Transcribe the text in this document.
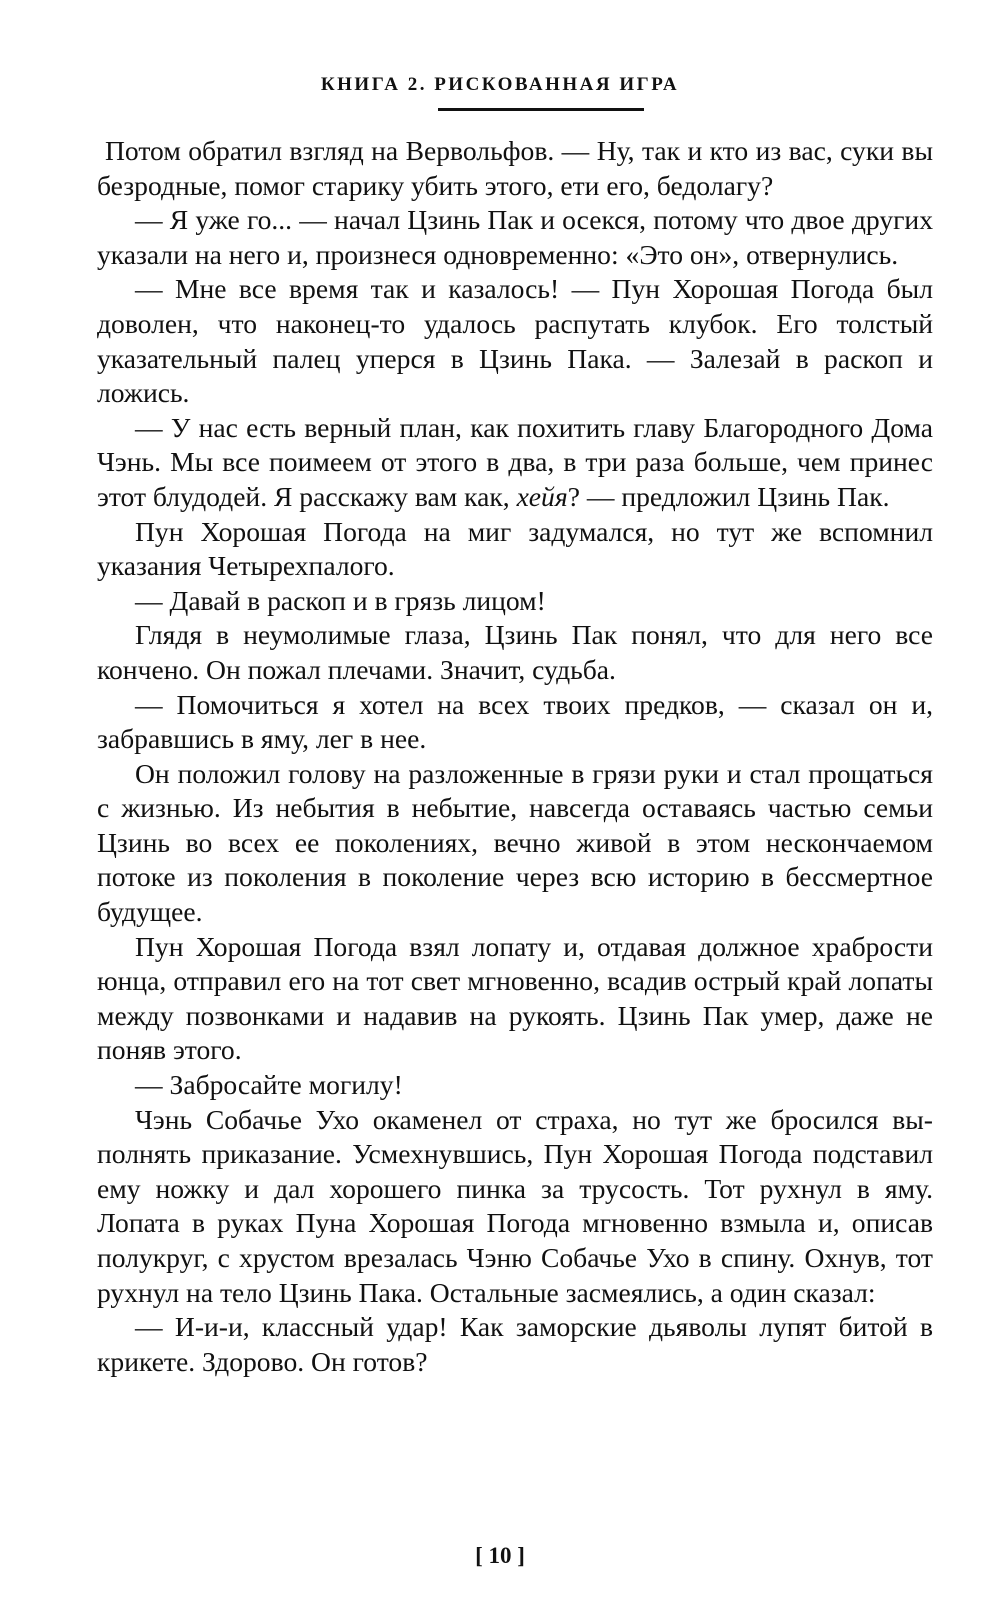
КНИГА 2. РИСКОВАННАЯ ИГРА

Потом обратил взгляд на Вервольфов. — Ну, так и кто из вас, суки вы безродные, помог старику убить этого, ети его, бедолагу?

— Я уже го... — начал Цзинь Пак и осекся, потому что двое других указали на него и, произнеся одновременно: «Это он», отвернулись.

— Мне все время так и казалось! — Пун Хорошая Погода был доволен, что наконец-то удалось распутать клубок. Его толстый указательный палец уперся в Цзинь Пака. — Залезай в раскоп и ложись.

— У нас есть верный план, как похитить главу Благородного Дома Чэнь. Мы все поимеем от этого в два, в три раза больше, чем принес этот блудодей. Я расскажу вам как, хейя? — предложил Цзинь Пак.

Пун Хорошая Погода на миг задумался, но тут же вспомнил указания Четырехпалого.

— Давай в раскоп и в грязь лицом!

Глядя в неумолимые глаза, Цзинь Пак понял, что для него все кончено. Он пожал плечами. Значит, судьба.

— Помочиться я хотел на всех твоих предков, — сказал он и, забравшись в яму, лег в нее.

Он положил голову на разложенные в грязи руки и стал прощаться с жизнью. Из небытия в небытие, навсегда оставаясь частью семьи Цзинь во всех ее поколениях, вечно живой в этом нескончаемом потоке из поколения в поколение через всю историю в бессмертное будущее.

Пун Хорошая Погода взял лопату и, отдавая должное храбрости юнца, отправил его на тот свет мгновенно, всадив острый край лопаты между позвонками и надавив на рукоять. Цзинь Пак умер, даже не поняв этого.

— Забросайте могилу!

Чэнь Собачье Ухо окаменел от страха, но тут же бросился выполнять приказание. Усмехнувшись, Пун Хорошая Погода подставил ему ножку и дал хорошего пинка за трусость. Тот рухнул в яму. Лопата в руках Пуна Хорошая Погода мгновенно взмыла и, описав полукруг, с хрустом врезалась Чэню Собачье Ухо в спину. Охнув, тот рухнул на тело Цзинь Пака. Остальные засмеялись, а один сказал:

— И-и-и, классный удар! Как заморские дьяволы лупят битой в крикете. Здорово. Он готов?

[ 10 ]
